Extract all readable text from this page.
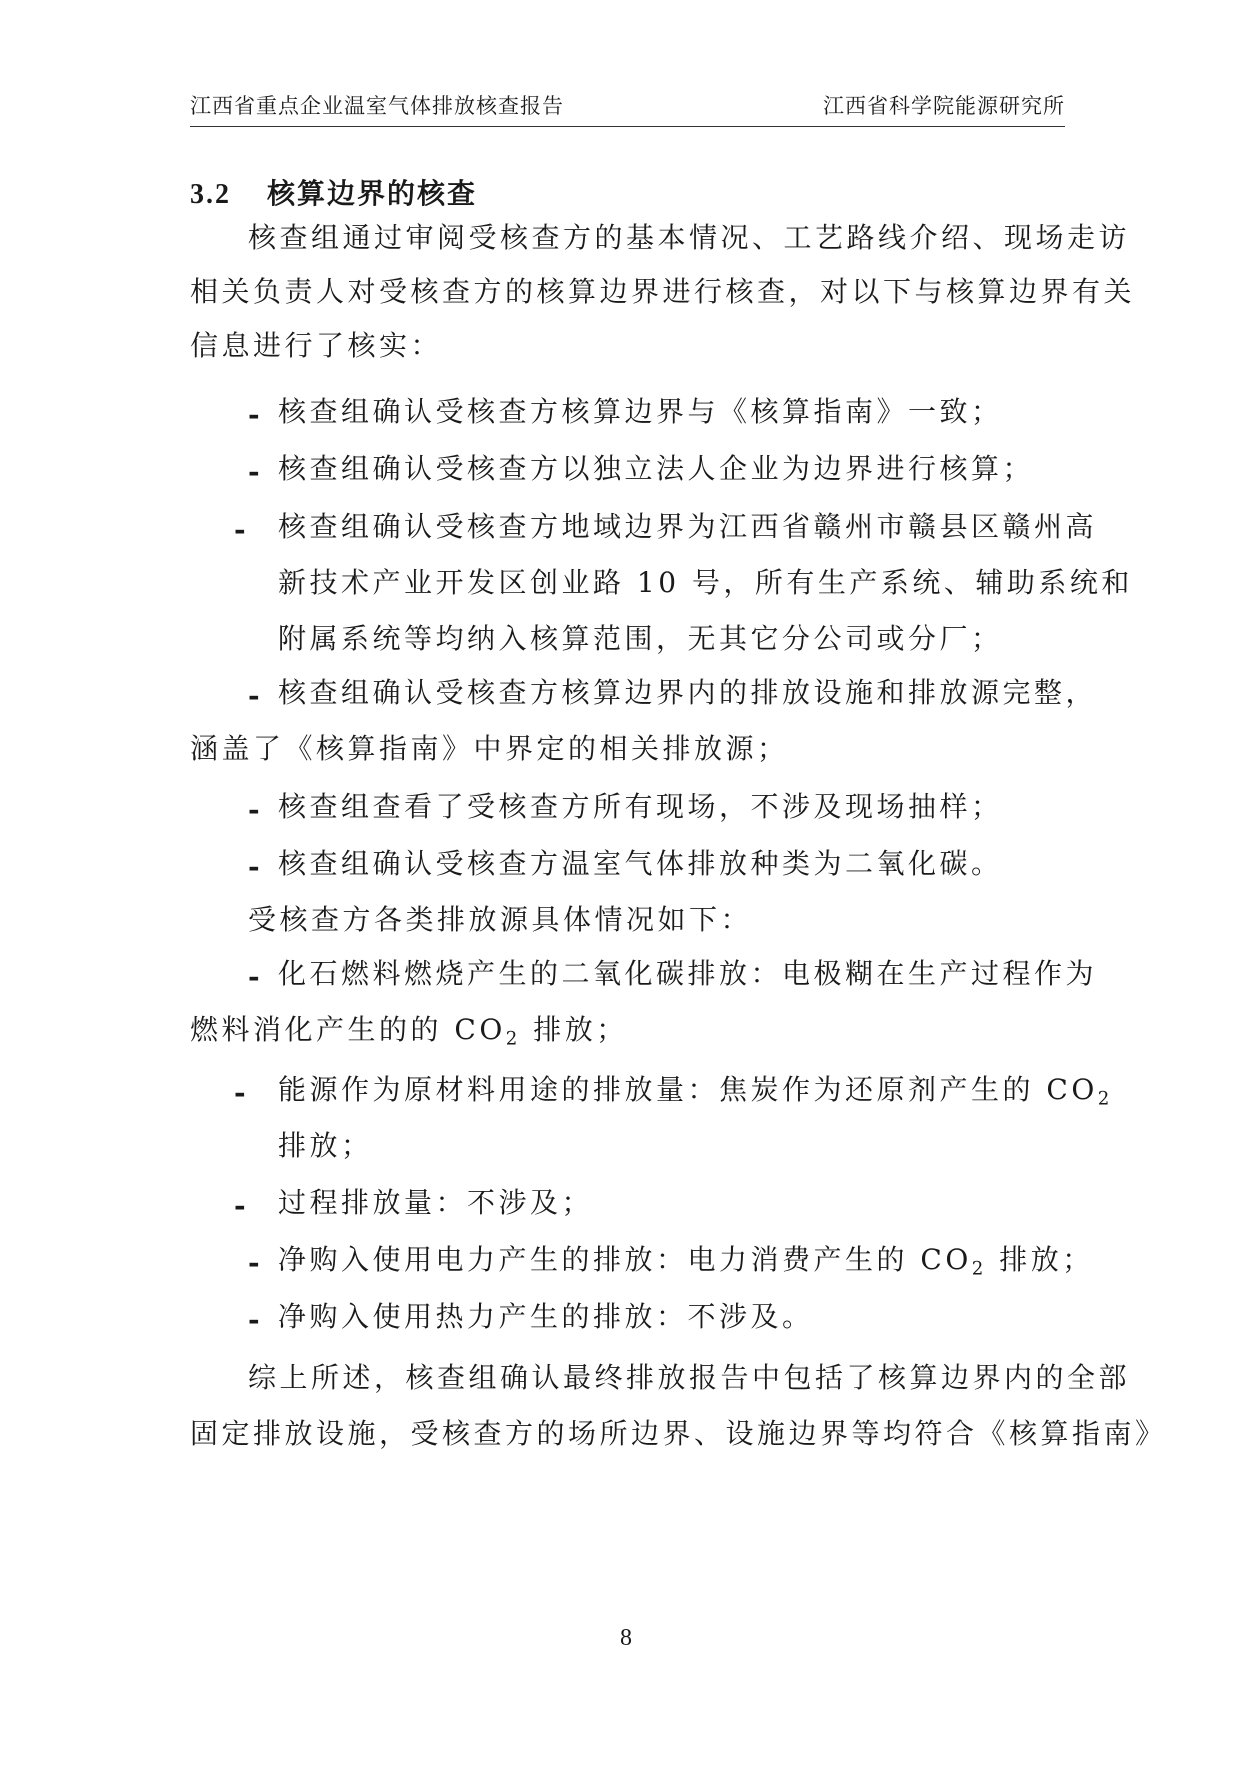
江西省重点企业温室气体排放核查报告	江西省科学院能源研究所
3.2 核算边界的核查
核查组通过审阅受核查方的基本情况、工艺路线介绍、现场走访
相关负责人对受核查方的核算边界进行核查，对以下与核算边界有关
信息进行了核实：
- 核查组确认受核查方核算边界与《核算指南》一致；
- 核查组确认受核查方以独立法人企业为边界进行核算；
- 核查组确认受核查方地域边界为江西省赣州市赣县区赣州高
新技术产业开发区创业路 10 号，所有生产系统、辅助系统和
附属系统等均纳入核算范围，无其它分公司或分厂；
- 核查组确认受核查方核算边界内的排放设施和排放源完整，
涵盖了《核算指南》中界定的相关排放源；
- 核查组查看了受核查方所有现场，不涉及现场抽样；
- 核查组确认受核查方温室气体排放种类为二氧化碳。
受核查方各类排放源具体情况如下：
- 化石燃料燃烧产生的二氧化碳排放：电极糊在生产过程作为
燃料消化产生的的 $CO_2$ 排放；
- 能源作为原材料用途的排放量：焦炭作为还原剂产生的 $CO_2$
排放；
- 过程排放量：不涉及；
- 净购入使用电力产生的排放：电力消费产生的 $CO_2$ 排放；
- 净购入使用热力产生的排放：不涉及。
综上所述，核查组确认最终排放报告中包括了核算边界内的全部
固定排放设施，受核查方的场所边界、设施边界等均符合《核算指南》
8
